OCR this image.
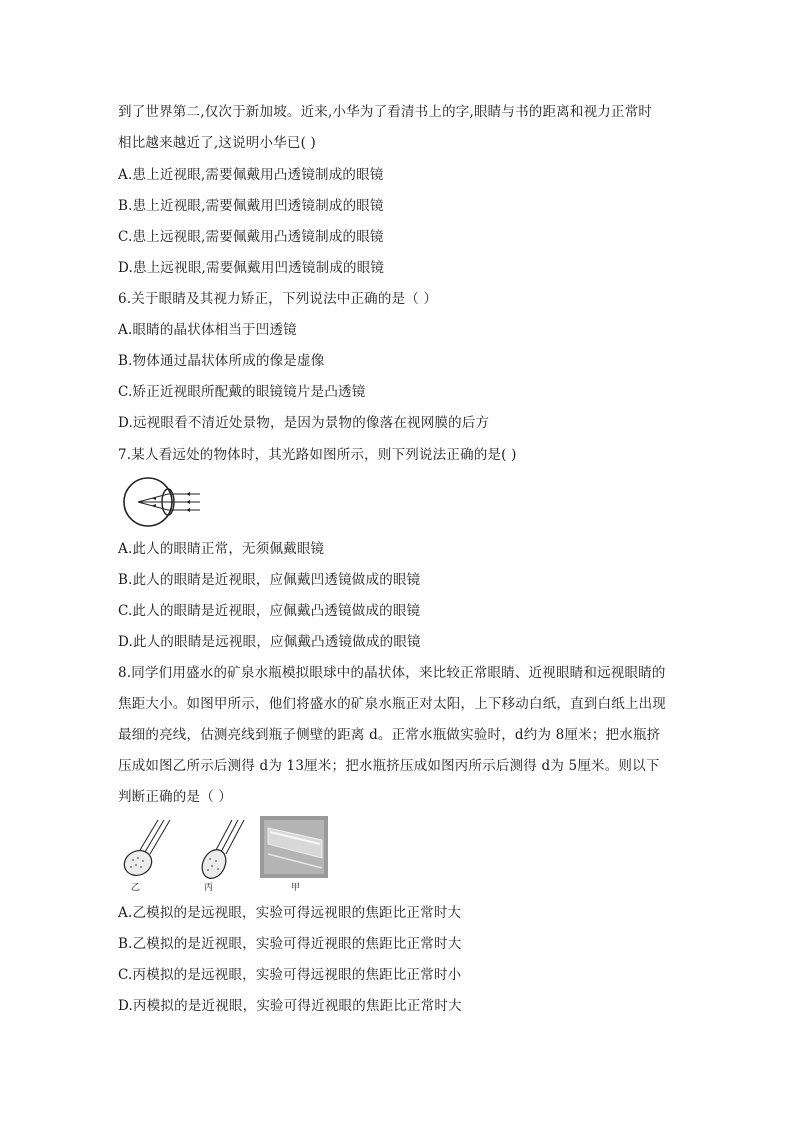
到了世界第二,仅次于新加坡。近来,小华为了看清书上的字,眼睛与书的距离和视力正常时
相比越来越近了,这说明小华已( )
A.患上近视眼,需要佩戴用凸透镜制成的眼镜
B.患上近视眼,需要佩戴用凹透镜制成的眼镜
C.患上远视眼,需要佩戴用凸透镜制成的眼镜
D.患上远视眼,需要佩戴用凹透镜制成的眼镜
6.关于眼睛及其视力矫正，下列说法中正确的是（ ）
A.眼睛的晶状体相当于凹透镜
B.物体通过晶状体所成的像是虚像
C.矫正近视眼所配戴的眼镜镜片是凸透镜
D.远视眼看不清近处景物，是因为景物的像落在视网膜的后方
7.某人看远处的物体时，其光路如图所示，则下列说法正确的是( )
A.此人的眼睛正常，无须佩戴眼镜
B.此人的眼睛是近视眼，应佩戴凹透镜做成的眼镜
C.此人的眼睛是近视眼，应佩戴凸透镜做成的眼镜
D.此人的眼睛是远视眼，应佩戴凸透镜做成的眼镜
8.同学们用盛水的矿泉水瓶模拟眼球中的晶状体，来比较正常眼睛、近视眼睛和远视眼睛的
焦距大小。如图甲所示，他们将盛水的矿泉水瓶正对太阳，上下移动白纸，直到白纸上出现
最细的亮线，估测亮线到瓶子侧壁的距离 d。正常水瓶做实验时，d约为 8厘米；把水瓶挤
压成如图乙所示后测得 d为 13厘米；把水瓶挤压成如图丙所示后测得 d为 5厘米。则以下
判断正确的是（ ）
乙	丙	甲
A.乙模拟的是远视眼，实验可得远视眼的焦距比正常时大
B.乙模拟的是近视眼，实验可得近视眼的焦距比正常时大
C.丙模拟的是远视眼，实验可得远视眼的焦距比正常时小
D.丙模拟的是近视眼，实验可得近视眼的焦距比正常时大
